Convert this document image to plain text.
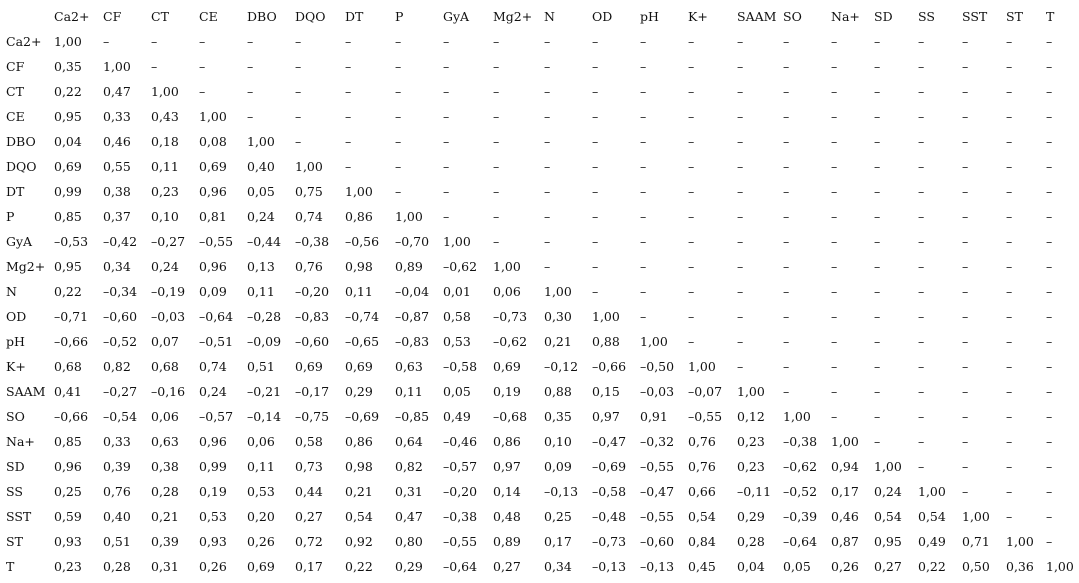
	Ca2+	CF	CT	CE	DBO	DQO	DT	P	GyA	Mg2+	N	OD	pH	K+	SAAM	SO	Na+	SD	SS	SST	ST	T
Ca2+	1,00	–	–	–	–	–	–	–	–	–	–	–	–	–	–	–	–	–	–	–	–	–
CF	0,35	1,00	–	–	–	–	–	–	–	–	–	–	–	–	–	–	–	–	–	–	–	–
CT	0,22	0,47	1,00	–	–	–	–	–	–	–	–	–	–	–	–	–	–	–	–	–	–	–
CE	0,95	0,33	0,43	1,00	–	–	–	–	–	–	–	–	–	–	–	–	–	–	–	–	–	–
DBO	0,04	0,46	0,18	0,08	1,00	–	–	–	–	–	–	–	–	–	–	–	–	–	–	–	–	–
DQO	0,69	0,55	0,11	0,69	0,40	1,00	–	–	–	–	–	–	–	–	–	–	–	–	–	–	–	–
DT	0,99	0,38	0,23	0,96	0,05	0,75	1,00	–	–	–	–	–	–	–	–	–	–	–	–	–	–	–
P	0,85	0,37	0,10	0,81	0,24	0,74	0,86	1,00	–	–	–	–	–	–	–	–	–	–	–	–	–	–
GyA	–0,53	–0,42	–0,27	–0,55	–0,44	–0,38	–0,56	–0,70	1,00	–	–	–	–	–	–	–	–	–	–	–	–	–
Mg2+	0,95	0,34	0,24	0,96	0,13	0,76	0,98	0,89	–0,62	1,00	–	–	–	–	–	–	–	–	–	–	–	–
N	0,22	–0,34	–0,19	0,09	0,11	–0,20	0,11	–0,04	0,01	0,06	1,00	–	–	–	–	–	–	–	–	–	–	–
OD	–0,71	–0,60	–0,03	–0,64	–0,28	–0,83	–0,74	–0,87	0,58	–0,73	0,30	1,00	–	–	–	–	–	–	–	–	–	–
pH	–0,66	–0,52	0,07	–0,51	–0,09	–0,60	–0,65	–0,83	0,53	–0,62	0,21	0,88	1,00	–	–	–	–	–	–	–	–	–
K+	0,68	0,82	0,68	0,74	0,51	0,69	0,69	0,63	–0,58	0,69	–0,12	–0,66	–0,50	1,00	–	–	–	–	–	–	–	–
SAAM	0,41	–0,27	–0,16	0,24	–0,21	–0,17	0,29	0,11	0,05	0,19	0,88	0,15	–0,03	–0,07	1,00	–	–	–	–	–	–	–
SO	–0,66	–0,54	0,06	–0,57	–0,14	–0,75	–0,69	–0,85	0,49	–0,68	0,35	0,97	0,91	–0,55	0,12	1,00	–	–	–	–	–	–
Na+	0,85	0,33	0,63	0,96	0,06	0,58	0,86	0,64	–0,46	0,86	0,10	–0,47	–0,32	0,76	0,23	–0,38	1,00	–	–	–	–	–
SD	0,96	0,39	0,38	0,99	0,11	0,73	0,98	0,82	–0,57	0,97	0,09	–0,69	–0,55	0,76	0,23	–0,62	0,94	1,00	–	–	–	–
SS	0,25	0,76	0,28	0,19	0,53	0,44	0,21	0,31	–0,20	0,14	–0,13	–0,58	–0,47	0,66	–0,11	–0,52	0,17	0,24	1,00	–	–	–
SST	0,59	0,40	0,21	0,53	0,20	0,27	0,54	0,47	–0,38	0,48	0,25	–0,48	–0,55	0,54	0,29	–0,39	0,46	0,54	0,54	1,00	–	–
ST	0,93	0,51	0,39	0,93	0,26	0,72	0,92	0,80	–0,55	0,89	0,17	–0,73	–0,60	0,84	0,28	–0,64	0,87	0,95	0,49	0,71	1,00	–
T	0,23	0,28	0,31	0,26	0,69	0,17	0,22	0,29	–0,64	0,27	0,34	–0,13	–0,13	0,45	0,04	0,05	0,26	0,27	0,22	0,50	0,36	1,00
